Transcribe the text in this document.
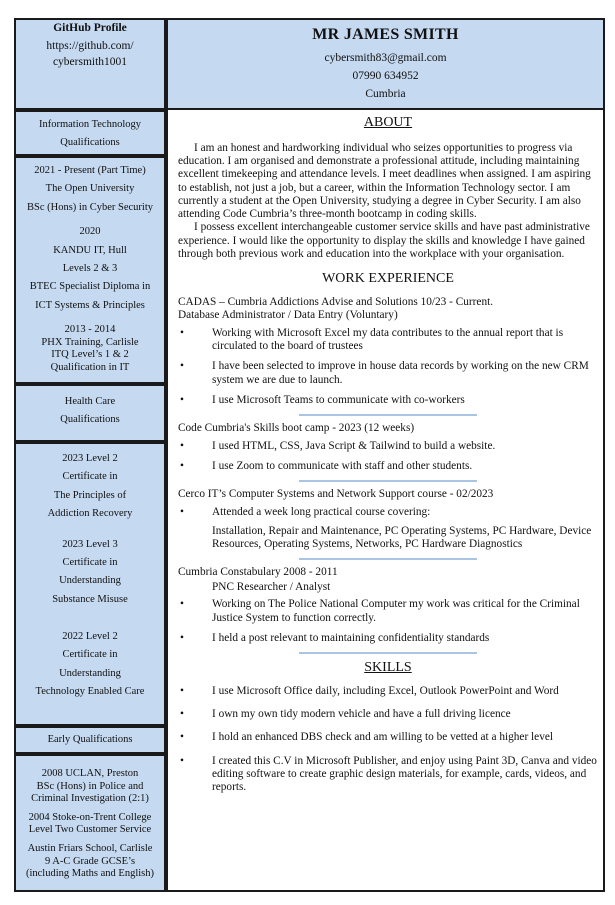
GitHub Profile

https://github.com/

cybersmith1001

Information Technology

Qualifications

2021 - Present (Part Time)

The Open University

BSc (Hons) in Cyber Security

2020

KANDU IT, Hull

Levels 2 & 3

BTEC Specialist Diploma in

ICT Systems & Principles

2013 - 2014

PHX Training, Carlisle

ITQ Level’s 1 & 2

Qualification in IT

Health Care

Qualifications

2023 Level 2

Certificate in

The Principles of

Addiction Recovery

2023 Level 3

Certificate in

Understanding

Substance Misuse

2022 Level 2

Certificate in

Understanding

Technology Enabled Care

Early Qualifications

2008 UCLAN, Preston

BSc (Hons) in Police and

Criminal Investigation (2:1)

2004 Stoke-on-Trent College

Level Two Customer Service

Austin Friars School, Carlisle

9 A-C Grade GCSE’s

(including Maths and English)

MR JAMES SMITH

cybersmith83@gmail.com

07990 634952

Cumbria

ABOUT

I am an honest and hardworking individual who seizes opportunities to progress via education. I am organised and demonstrate a professional attitude, including maintaining excellent timekeeping and attendance levels. I meet deadlines when assigned. I am aspiring to establish, not just a job, but a career, within the Information Technology sector. I am currently a student at the Open University, studying a degree in Cyber Security. I am also attending Code Cumbria’s three-month bootcamp in coding skills.

I possess excellent interchangeable customer service skills and have past administrative experience. I would like the opportunity to display the skills and knowledge I have gained through both previous work and education into the workplace with your organisation.

WORK EXPERIENCE

CADAS – Cumbria Addictions Advise and Solutions 10/23 - Current.

Database Administrator / Data Entry (Voluntary)

• Working with Microsoft Excel my data contributes to the annual report that is circulated to the board of trustees
• I have been selected to improve in house data records by working on the new CRM system we are due to launch.
• I use Microsoft Teams to communicate with co-workers

Code Cumbria's Skills boot camp - 2023 (12 weeks)

• I used HTML, CSS, Java Script & Tailwind to build a website.
• I use Zoom to communicate with staff and other students.

Cerco IT’s Computer Systems and Network Support course - 02/2023

• Attended a week long practical course covering:

Installation, Repair and Maintenance, PC Operating Systems, PC Hardware, Device Resources, Operating Systems, Networks, PC Hardware Diagnostics

Cumbria Constabulary 2008 - 2011

PNC Researcher / Analyst

• Working on The Police National Computer my work was critical for the Criminal Justice System to function correctly.
• I held a post relevant to maintaining confidentiality standards
SKILLS
• I use Microsoft Office daily, including Excel, Outlook PowerPoint and Word
• I own my own tidy modern vehicle and have a full driving licence
• I hold an enhanced DBS check and am willing to be vetted at a higher level
• I created this C.V in Microsoft Publisher, and enjoy using Paint 3D, Canva and video editing software to create graphic design materials, for example, cards, videos, and reports.
